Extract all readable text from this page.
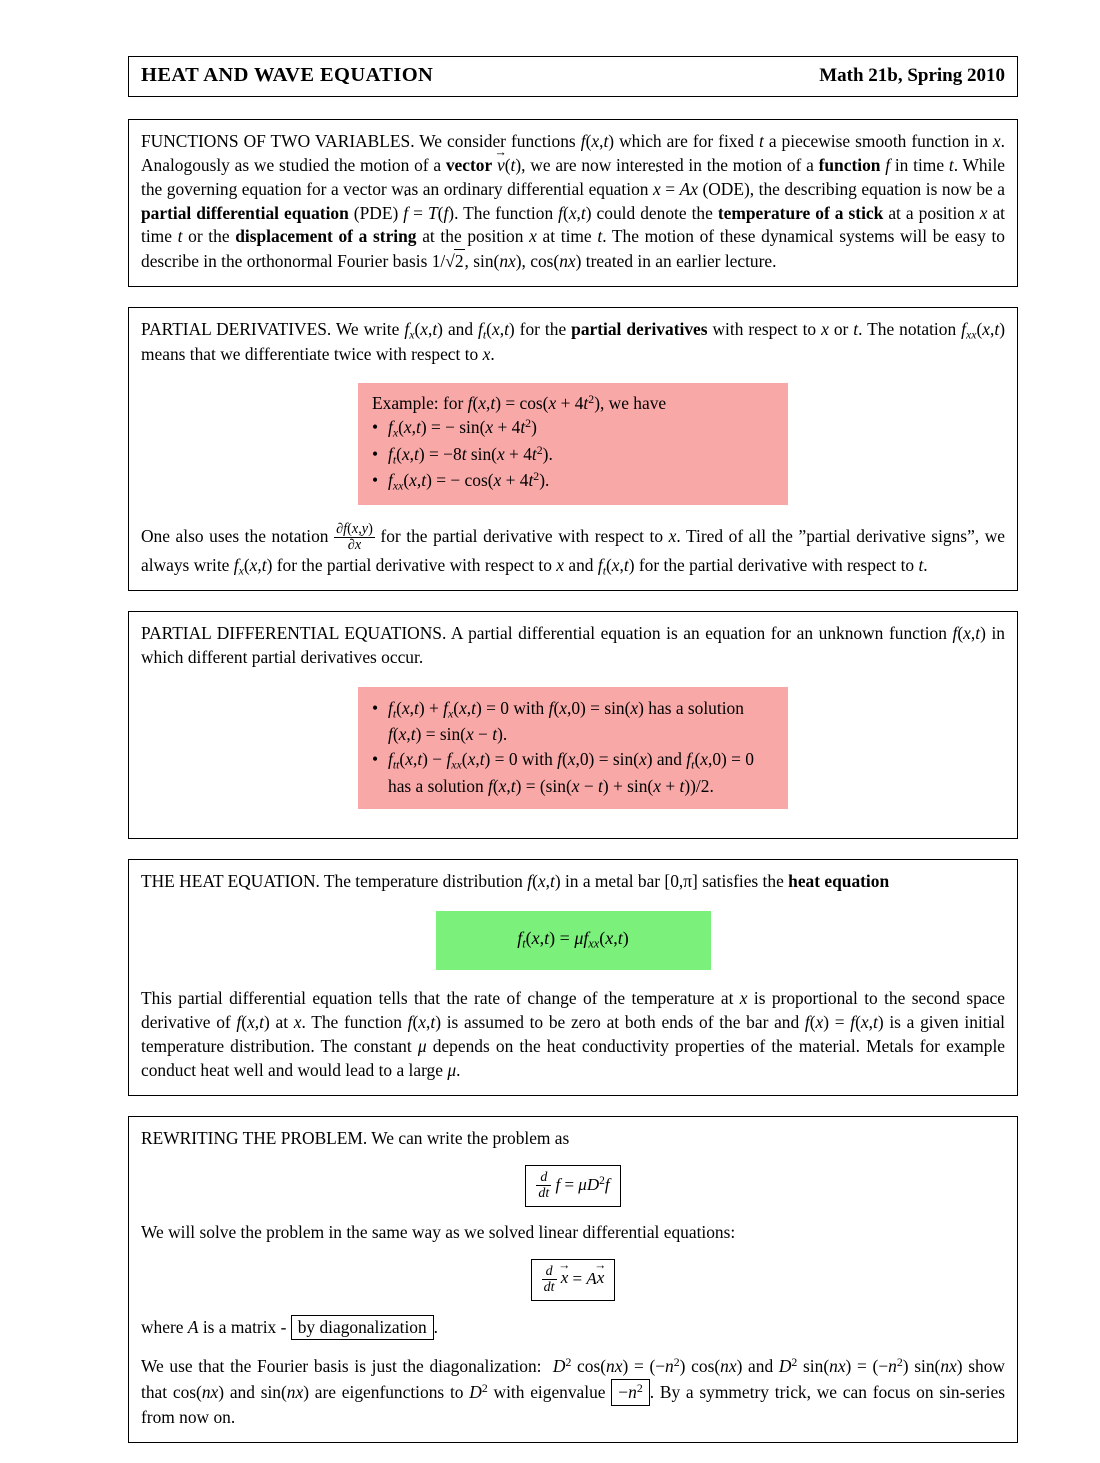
HEAT AND WAVE EQUATION	Math 21b, Spring 2010

FUNCTIONS OF TWO VARIABLES. We consider functions f(x,t) which are for fixed t a piecewise smooth function in x. Analogously as we studied the motion of a vector v →(t), we are now interested in the motion of a function f in time t. While the governing equation for a vector was an ordinary differential equation x ˙ = Ax (ODE), the describing equation is now be a partial differential equation (PDE) f ˙ = T(f). The function f(x,t) could denote the temperature of a stick at a position x at time t or the displacement of a string at the position x at time t. The motion of these dynamical systems will be easy to describe in the orthonormal Fourier basis 1/√2, sin(nx), cos(nx) treated in an earlier lecture.

PARTIAL DERIVATIVES. We write $f_x(x,t)$ and $f_t(x,t)$ for the partial derivatives with respect to x or t. The notation $f_{xx}(x,t)$ means that we differentiate twice with respect to x.

Example: for $f(x,t) = \cos(x + 4t^2)$, we have
• $f_x(x,t)$ = − $\sin(x + 4t^2)$
• $f_t(x,t) = -8t$ $\sin(x + 4t^2)$.
• $f_{xx}(x,t)$ = − $\cos(x + 4t^2)$.

One also uses the notation $\frac{\partial f(x,y)}{\partial x}$ for the partial derivative with respect to x. Tired of all the ”partial derivative signs”, we always write $f_x(x,t)$ for the partial derivative with respect to x and $f_t(x,t)$ for the partial derivative with respect to t.

PARTIAL DIFFERENTIAL EQUATIONS. A partial differential equation is an equation for an unknown function f(x,t) in which different partial derivatives occur.

• $f_t(x,t) + f_x(x,t) = 0$ with f(x,0) = sin(x) has a solution f(x,t) = sin(x − t).
• $f_{tt}(x,t) - f_{xx}(x,t) = 0$ with f(x,0) = sin(x) and $f_t(x,0) = 0$ has a solution f(x,t) = (sin(x − t) + sin(x + t))/2.

THE HEAT EQUATION. The temperature distribution f(x,t) in a metal bar [0,π] satisfies the heat equation

$f_t(x,t) = \mu f_{xx}(x,t)$

This partial differential equation tells that the rate of change of the temperature at x is proportional to the second space derivative of f(x,t) at x. The function f(x,t) is assumed to be zero at both ends of the bar and f(x) = f(x,t) is a given initial temperature distribution. The constant μ depends on the heat conductivity properties of the material. Metals for example conduct heat well and would lead to a large μ.

REWRITING THE PROBLEM. We can write the problem as

$\frac{d}{dt}$ $f = \mu D^2f$

We will solve the problem in the same way as we solved linear differential equations:

$\frac{d}{dt}$ x → = Ax →

where A is a matrix - by diagonalization .

We use that the Fourier basis is just the diagonalization:  $D^2$ $\cos(nx) = (-n^2)$ cos(nx) and $D^2$ $\sin(nx) = (-n^2)$ sin(nx) show that cos(nx) and sin(nx) are eigenfunctions to $D^2$ with eigenvalue $-n^2$ . By a symmetry trick, we can focus on sin-series from now on.
